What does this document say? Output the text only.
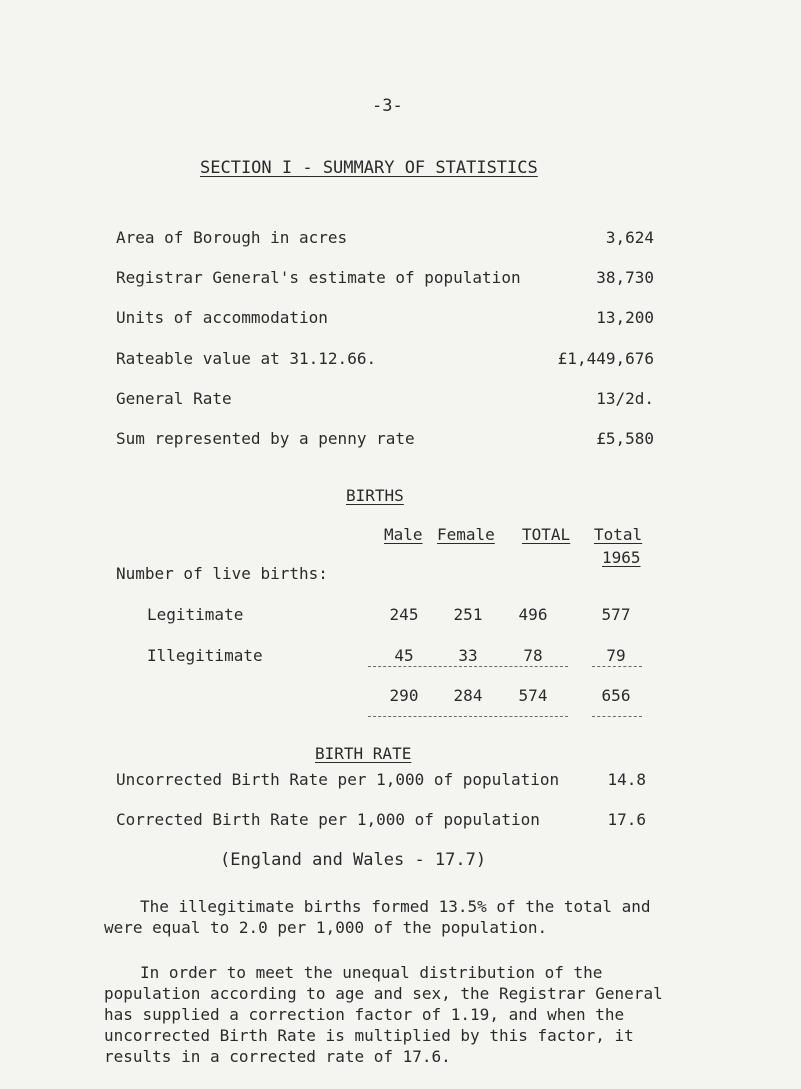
-3-
SECTION I - SUMMARY OF STATISTICS
Area of Borough in acres	3,624
Registrar General's estimate of population	38,730
Units of accommodation	13,200
Rateable value at 31.12.66.	£1,449,676
General Rate	13/2d.
Sum represented by a penny rate	£5,580
BIRTHS
Male Female TOTAL Total
1965
Number of live births:
Legitimate	245	251	496	577
Illegitimate	45	33	78	79
290	284	574	656
BIRTH RATE
Uncorrected Birth Rate per 1,000 of population	14.8
Corrected Birth Rate per 1,000 of population	17.6
(England and Wales - 17.7)
The illegitimate births formed 13.5% of the total and were equal to 2.0 per 1,000 of the population.
In order to meet the unequal distribution of the population according to age and sex, the Registrar General has supplied a correction factor of 1.19, and when the uncorrected Birth Rate is multiplied by this factor, it results in a corrected rate of 17.6.
